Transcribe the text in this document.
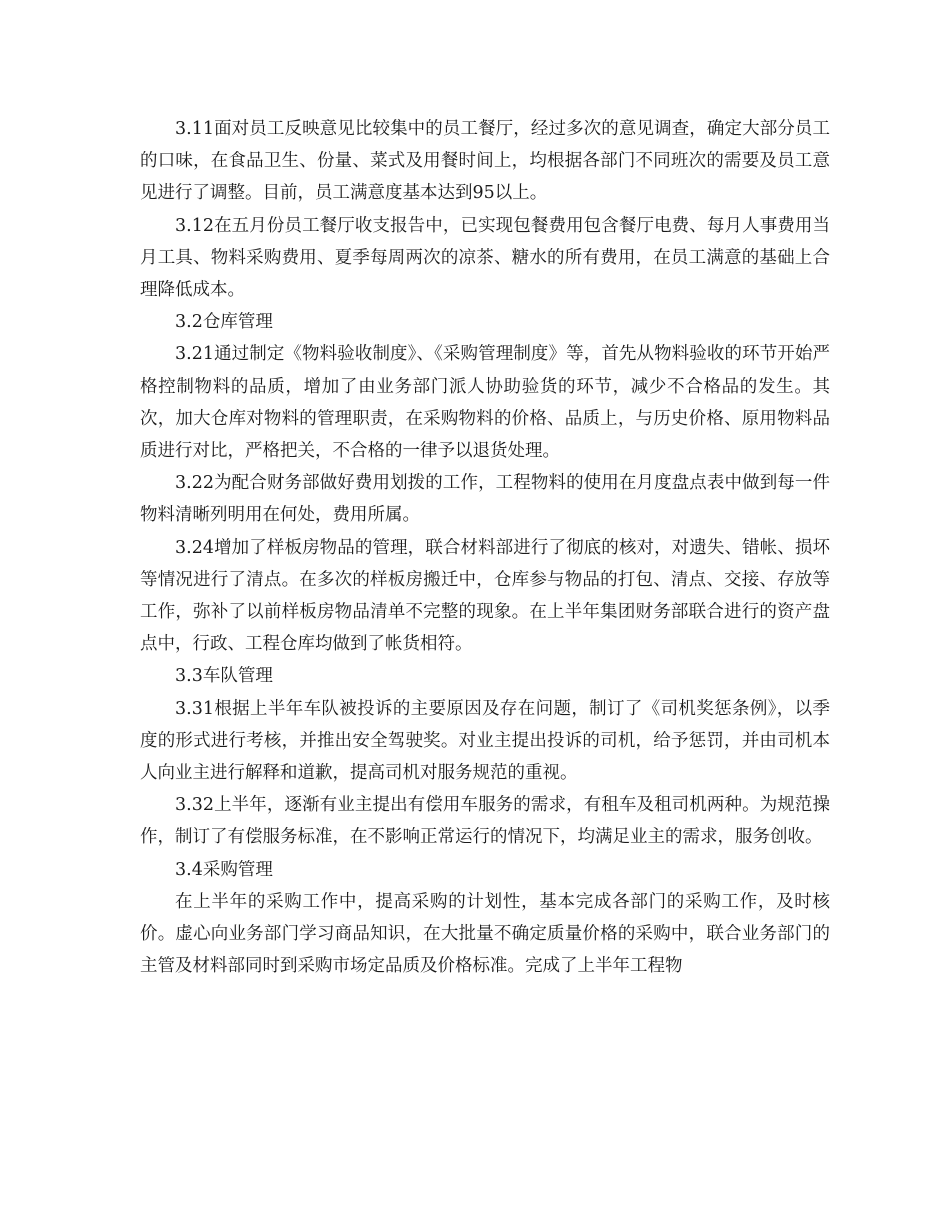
3.11面对员工反映意见比较集中的员工餐厅，经过多次的意见调查，确定大部分员工的口味，在食品卫生、份量、菜式及用餐时间上，均根据各部门不同班次的需要及员工意见进行了调整。目前，员工满意度基本达到95以上。

3.12在五月份员工餐厅收支报告中，已实现包餐费用包含餐厅电费、每月人事费用当月工具、物料采购费用、夏季每周两次的凉茶、糖水的所有费用，在员工满意的基础上合理降低成本。

3.2仓库管理

3.21通过制定《物料验收制度》、《采购管理制度》等，首先从物料验收的环节开始严格控制物料的品质，增加了由业务部门派人协助验货的环节，减少不合格品的发生。其次，加大仓库对物料的管理职责，在采购物料的价格、品质上，与历史价格、原用物料品质进行对比，严格把关，不合格的一律予以退货处理。

3.22为配合财务部做好费用划拨的工作，工程物料的使用在月度盘点表中做到每一件物料清晰列明用在何处，费用所属。

3.24增加了样板房物品的管理，联合材料部进行了彻底的核对，对遗失、错帐、损坏等情况进行了清点。在多次的样板房搬迁中，仓库参与物品的打包、清点、交接、存放等工作，弥补了以前样板房物品清单不完整的现象。在上半年集团财务部联合进行的资产盘点中，行政、工程仓库均做到了帐货相符。

3.3车队管理

3.31根据上半年车队被投诉的主要原因及存在问题，制订了《司机奖惩条例》，以季度的形式进行考核，并推出安全驾驶奖。对业主提出投诉的司机，给予惩罚，并由司机本人向业主进行解释和道歉，提高司机对服务规范的重视。

3.32上半年，逐渐有业主提出有偿用车服务的需求，有租车及租司机两种。为规范操作，制订了有偿服务标准，在不影响正常运行的情况下，均满足业主的需求，服务创收。

3.4采购管理

在上半年的采购工作中，提高采购的计划性，基本完成各部门的采购工作，及时核价。虚心向业务部门学习商品知识，在大批量不确定质量价格的采购中，联合业务部门的主管及材料部同时到采购市场定品质及价格标准。完成了上半年工程物
